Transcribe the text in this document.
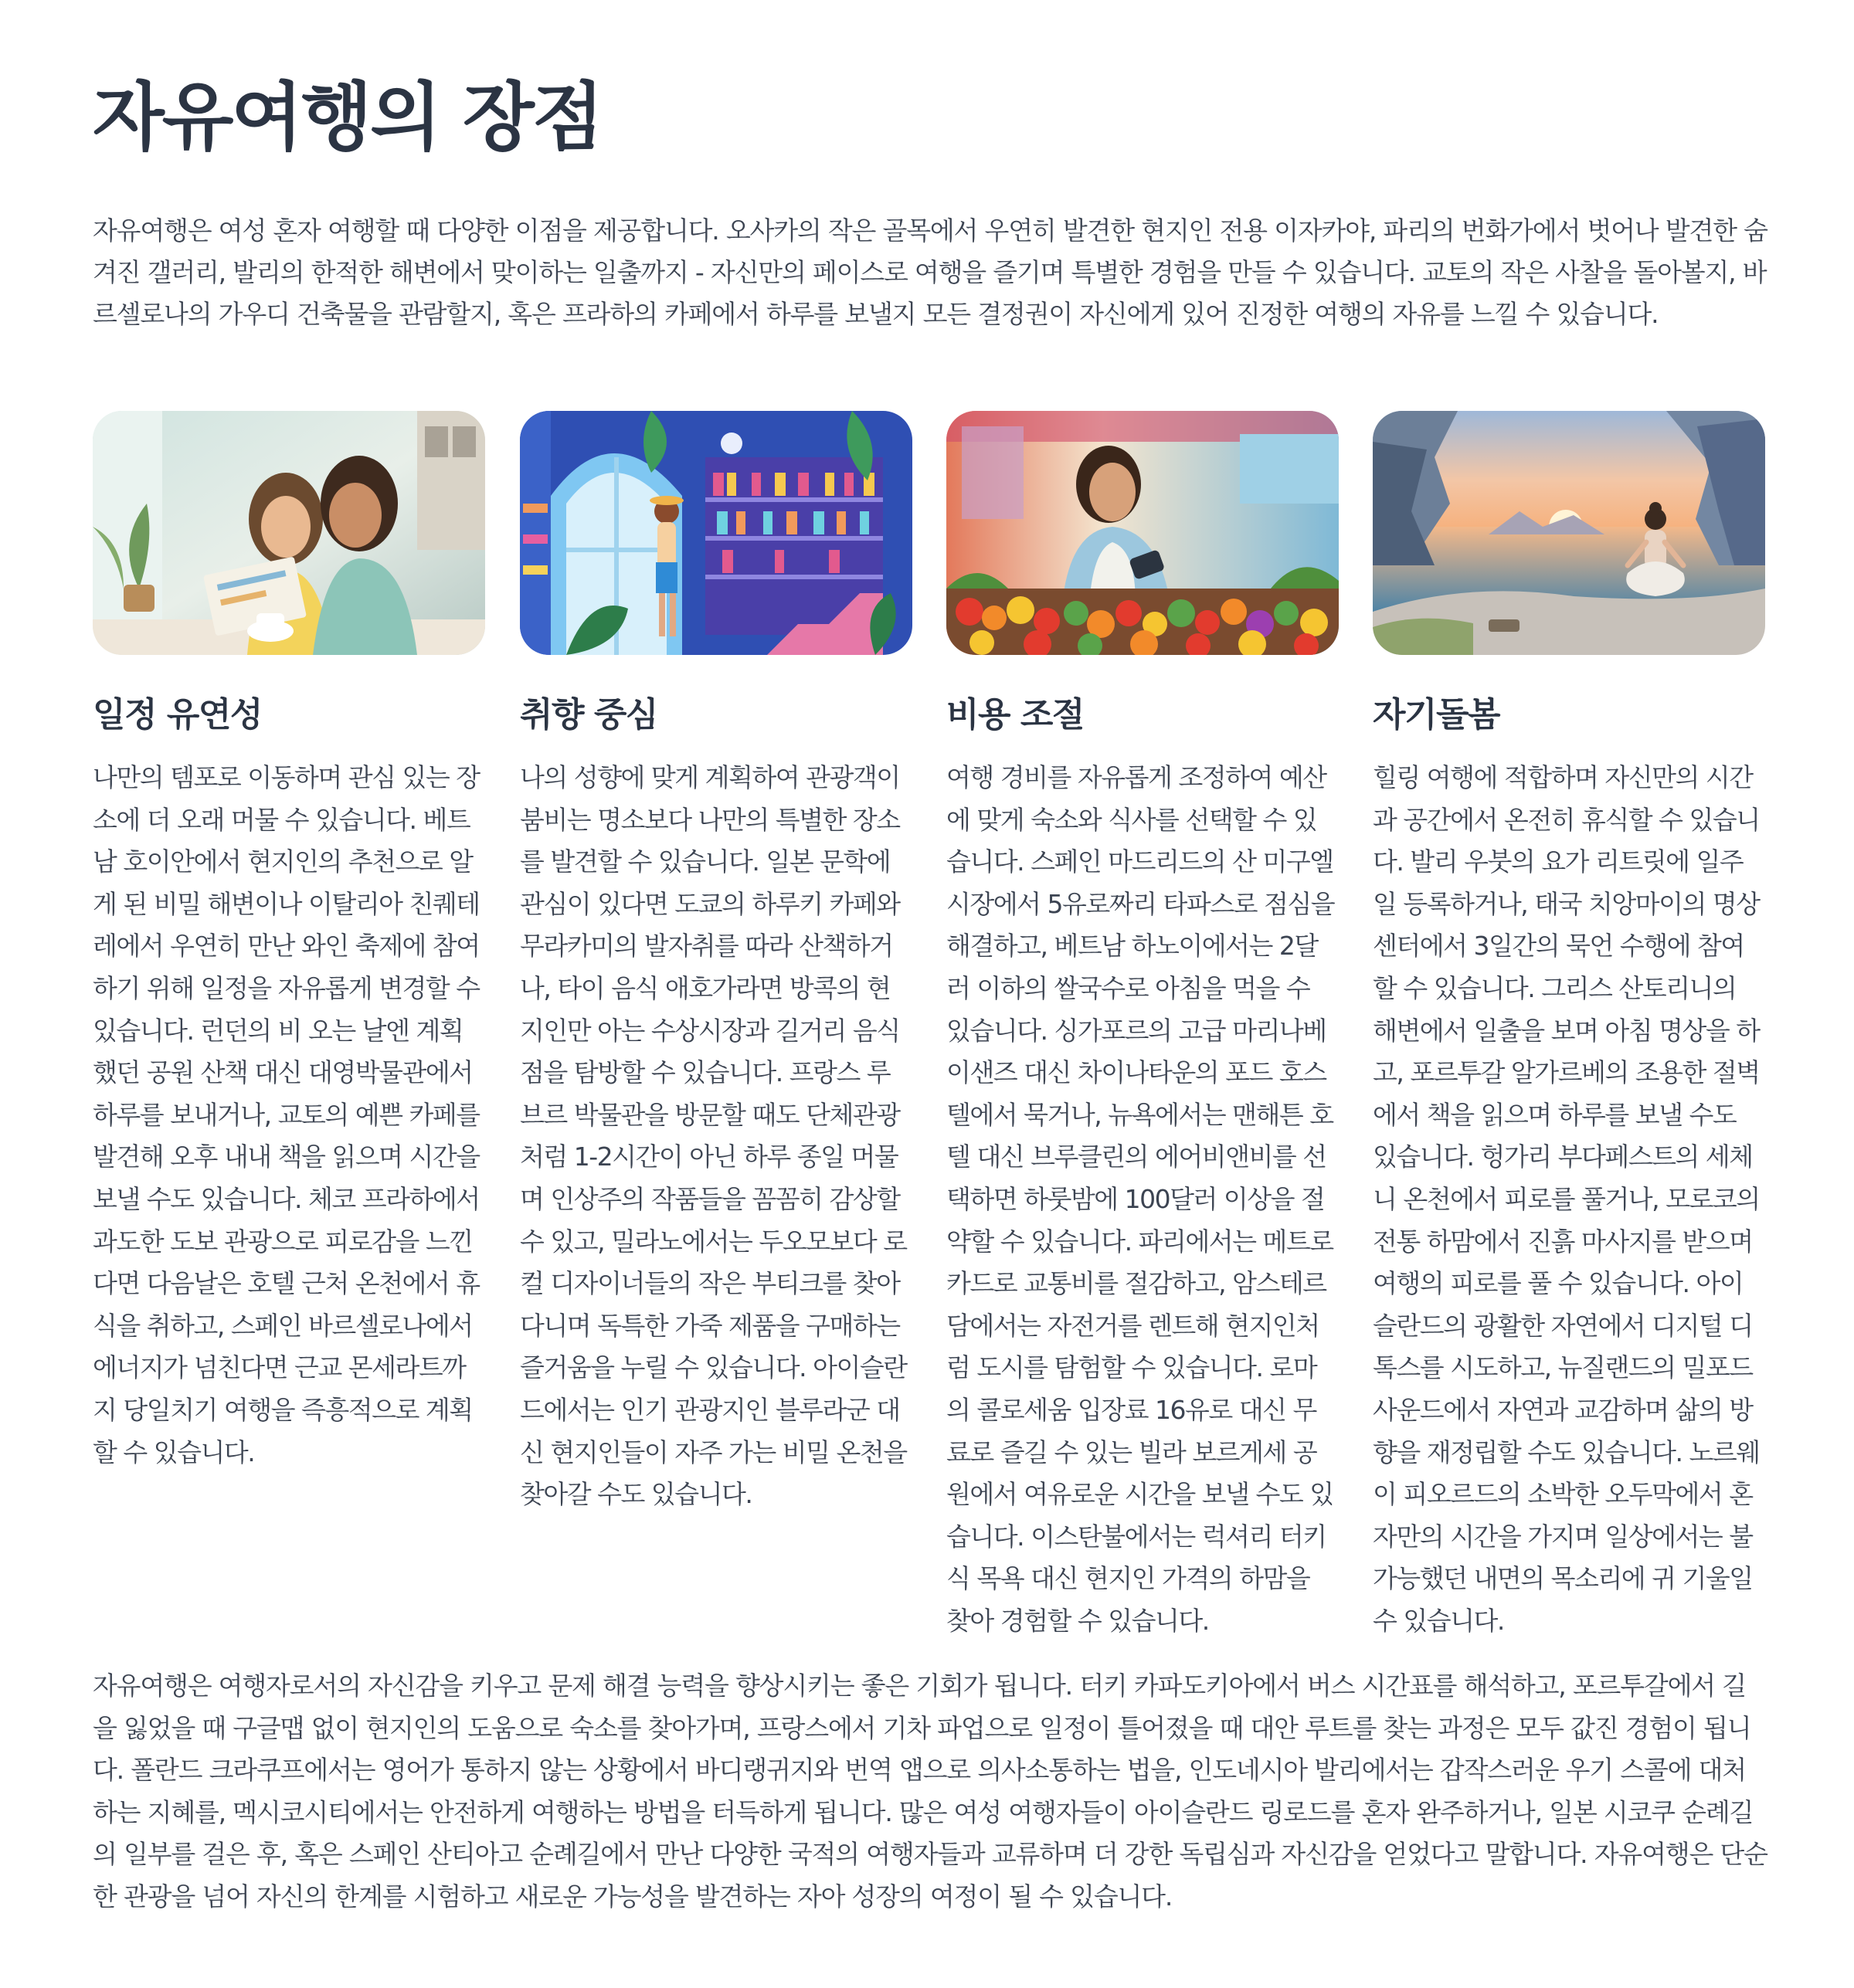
자유여행의 장점

자유여행은 여성 혼자 여행할 때 다양한 이점을 제공합니다. 오사카의 작은 골목에서 우연히 발견한 현지인 전용 이자카야, 파리의 번화가에서 벗어나 발견한 숨겨진 갤러리, 발리의 한적한 해변에서 맞이하는 일출까지 - 자신만의 페이스로 여행을 즐기며 특별한 경험을 만들 수 있습니다. 교토의 작은 사찰을 돌아볼지, 바르셀로나의 가우디 건축물을 관람할지, 혹은 프라하의 카페에서 하루를 보낼지 모든 결정권이 자신에게 있어 진정한 여행의 자유를 느낄 수 있습니다.

일정 유연성

나만의 템포로 이동하며 관심 있는 장소에 더 오래 머물 수 있습니다. 베트남 호이안에서 현지인의 추천으로 알게 된 비밀 해변이나 이탈리아 친퀘테레에서 우연히 만난 와인 축제에 참여하기 위해 일정을 자유롭게 변경할 수 있습니다. 런던의 비 오는 날엔 계획했던 공원 산책 대신 대영박물관에서 하루를 보내거나, 교토의 예쁜 카페를 발견해 오후 내내 책을 읽으며 시간을 보낼 수도 있습니다. 체코 프라하에서 과도한 도보 관광으로 피로감을 느낀다면 다음날은 호텔 근처 온천에서 휴식을 취하고, 스페인 바르셀로나에서 에너지가 넘친다면 근교 몬세라트까지 당일치기 여행을 즉흥적으로 계획할 수 있습니다.

취향 중심

나의 성향에 맞게 계획하여 관광객이 붐비는 명소보다 나만의 특별한 장소를 발견할 수 있습니다. 일본 문학에 관심이 있다면 도쿄의 하루키 카페와 무라카미의 발자취를 따라 산책하거나, 타이 음식 애호가라면 방콕의 현지인만 아는 수상시장과 길거리 음식점을 탐방할 수 있습니다. 프랑스 루브르 박물관을 방문할 때도 단체관광처럼 1-2시간이 아닌 하루 종일 머물며 인상주의 작품들을 꼼꼼히 감상할 수 있고, 밀라노에서는 두오모보다 로컬 디자이너들의 작은 부티크를 찾아다니며 독특한 가죽 제품을 구매하는 즐거움을 누릴 수 있습니다. 아이슬란드에서는 인기 관광지인 블루라군 대신 현지인들이 자주 가는 비밀 온천을 찾아갈 수도 있습니다.

비용 조절

여행 경비를 자유롭게 조정하여 예산에 맞게 숙소와 식사를 선택할 수 있습니다. 스페인 마드리드의 산 미구엘 시장에서 5유로짜리 타파스로 점심을 해결하고, 베트남 하노이에서는 2달러 이하의 쌀국수로 아침을 먹을 수 있습니다. 싱가포르의 고급 마리나베이샌즈 대신 차이나타운의 포드 호스텔에서 묵거나, 뉴욕에서는 맨해튼 호텔 대신 브루클린의 에어비앤비를 선택하면 하룻밤에 100달러 이상을 절약할 수 있습니다. 파리에서는 메트로 카드로 교통비를 절감하고, 암스테르담에서는 자전거를 렌트해 현지인처럼 도시를 탐험할 수 있습니다. 로마의 콜로세움 입장료 16유로 대신 무료로 즐길 수 있는 빌라 보르게세 공원에서 여유로운 시간을 보낼 수도 있습니다. 이스탄불에서는 럭셔리 터키식 목욕 대신 현지인 가격의 하맘을 찾아 경험할 수 있습니다.

자기돌봄

힐링 여행에 적합하며 자신만의 시간과 공간에서 온전히 휴식할 수 있습니다. 발리 우붓의 요가 리트릿에 일주일 등록하거나, 태국 치앙마이의 명상 센터에서 3일간의 묵언 수행에 참여할 수 있습니다. 그리스 산토리니의 해변에서 일출을 보며 아침 명상을 하고, 포르투갈 알가르베의 조용한 절벽에서 책을 읽으며 하루를 보낼 수도 있습니다. 헝가리 부다페스트의 세체니 온천에서 피로를 풀거나, 모로코의 전통 하맘에서 진흙 마사지를 받으며 여행의 피로를 풀 수 있습니다. 아이슬란드의 광활한 자연에서 디지털 디톡스를 시도하고, 뉴질랜드의 밀포드 사운드에서 자연과 교감하며 삶의 방향을 재정립할 수도 있습니다. 노르웨이 피오르드의 소박한 오두막에서 혼자만의 시간을 가지며 일상에서는 불가능했던 내면의 목소리에 귀 기울일 수 있습니다.

자유여행은 여행자로서의 자신감을 키우고 문제 해결 능력을 향상시키는 좋은 기회가 됩니다. 터키 카파도키아에서 버스 시간표를 해석하고, 포르투갈에서 길을 잃었을 때 구글맵 없이 현지인의 도움으로 숙소를 찾아가며, 프랑스에서 기차 파업으로 일정이 틀어졌을 때 대안 루트를 찾는 과정은 모두 값진 경험이 됩니다. 폴란드 크라쿠프에서는 영어가 통하지 않는 상황에서 바디랭귀지와 번역 앱으로 의사소통하는 법을, 인도네시아 발리에서는 갑작스러운 우기 스콜에 대처하는 지혜를, 멕시코시티에서는 안전하게 여행하는 방법을 터득하게 됩니다. 많은 여성 여행자들이 아이슬란드 링로드를 혼자 완주하거나, 일본 시코쿠 순례길의 일부를 걸은 후, 혹은 스페인 산티아고 순례길에서 만난 다양한 국적의 여행자들과 교류하며 더 강한 독립심과 자신감을 얻었다고 말합니다. 자유여행은 단순한 관광을 넘어 자신의 한계를 시험하고 새로운 가능성을 발견하는 자아 성장의 여정이 될 수 있습니다.
